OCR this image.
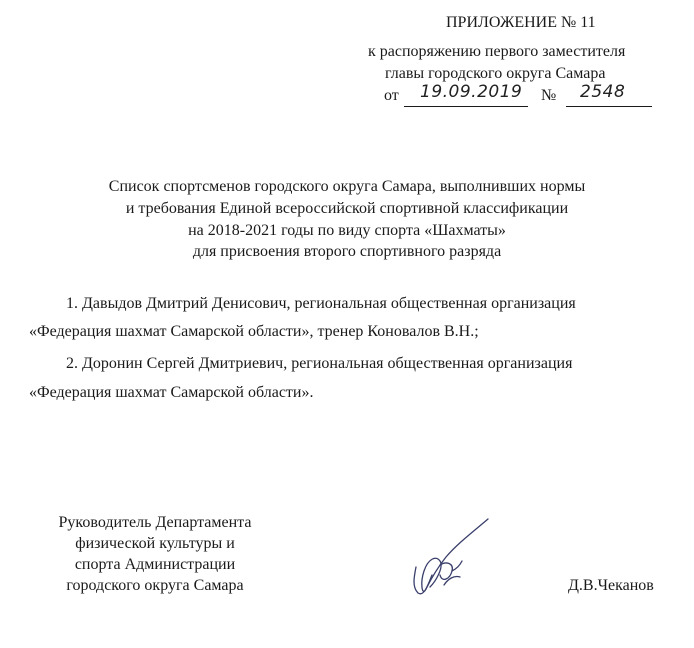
ПРИЛОЖЕНИЕ № 11
к распоряжению первого заместителя
главы городского округа Самара
от 19.09.2019 № 2548
Список спортсменов городского округа Самара, выполнивших нормы
и требования Единой всероссийской спортивной классификации
на 2018-2021 годы по виду спорта «Шахматы»
для присвоения второго спортивного разряда
1. Давыдов Дмитрий Денисович, региональная общественная организация
«Федерация шахмат Самарской области», тренер Коновалов В.Н.;
2. Доронин Сергей Дмитриевич, региональная общественная организация
«Федерация шахмат Самарской области».
Руководитель Департамента
физической культуры и
спорта Администрации
городского округа Самара	Д.В.Чеканов
